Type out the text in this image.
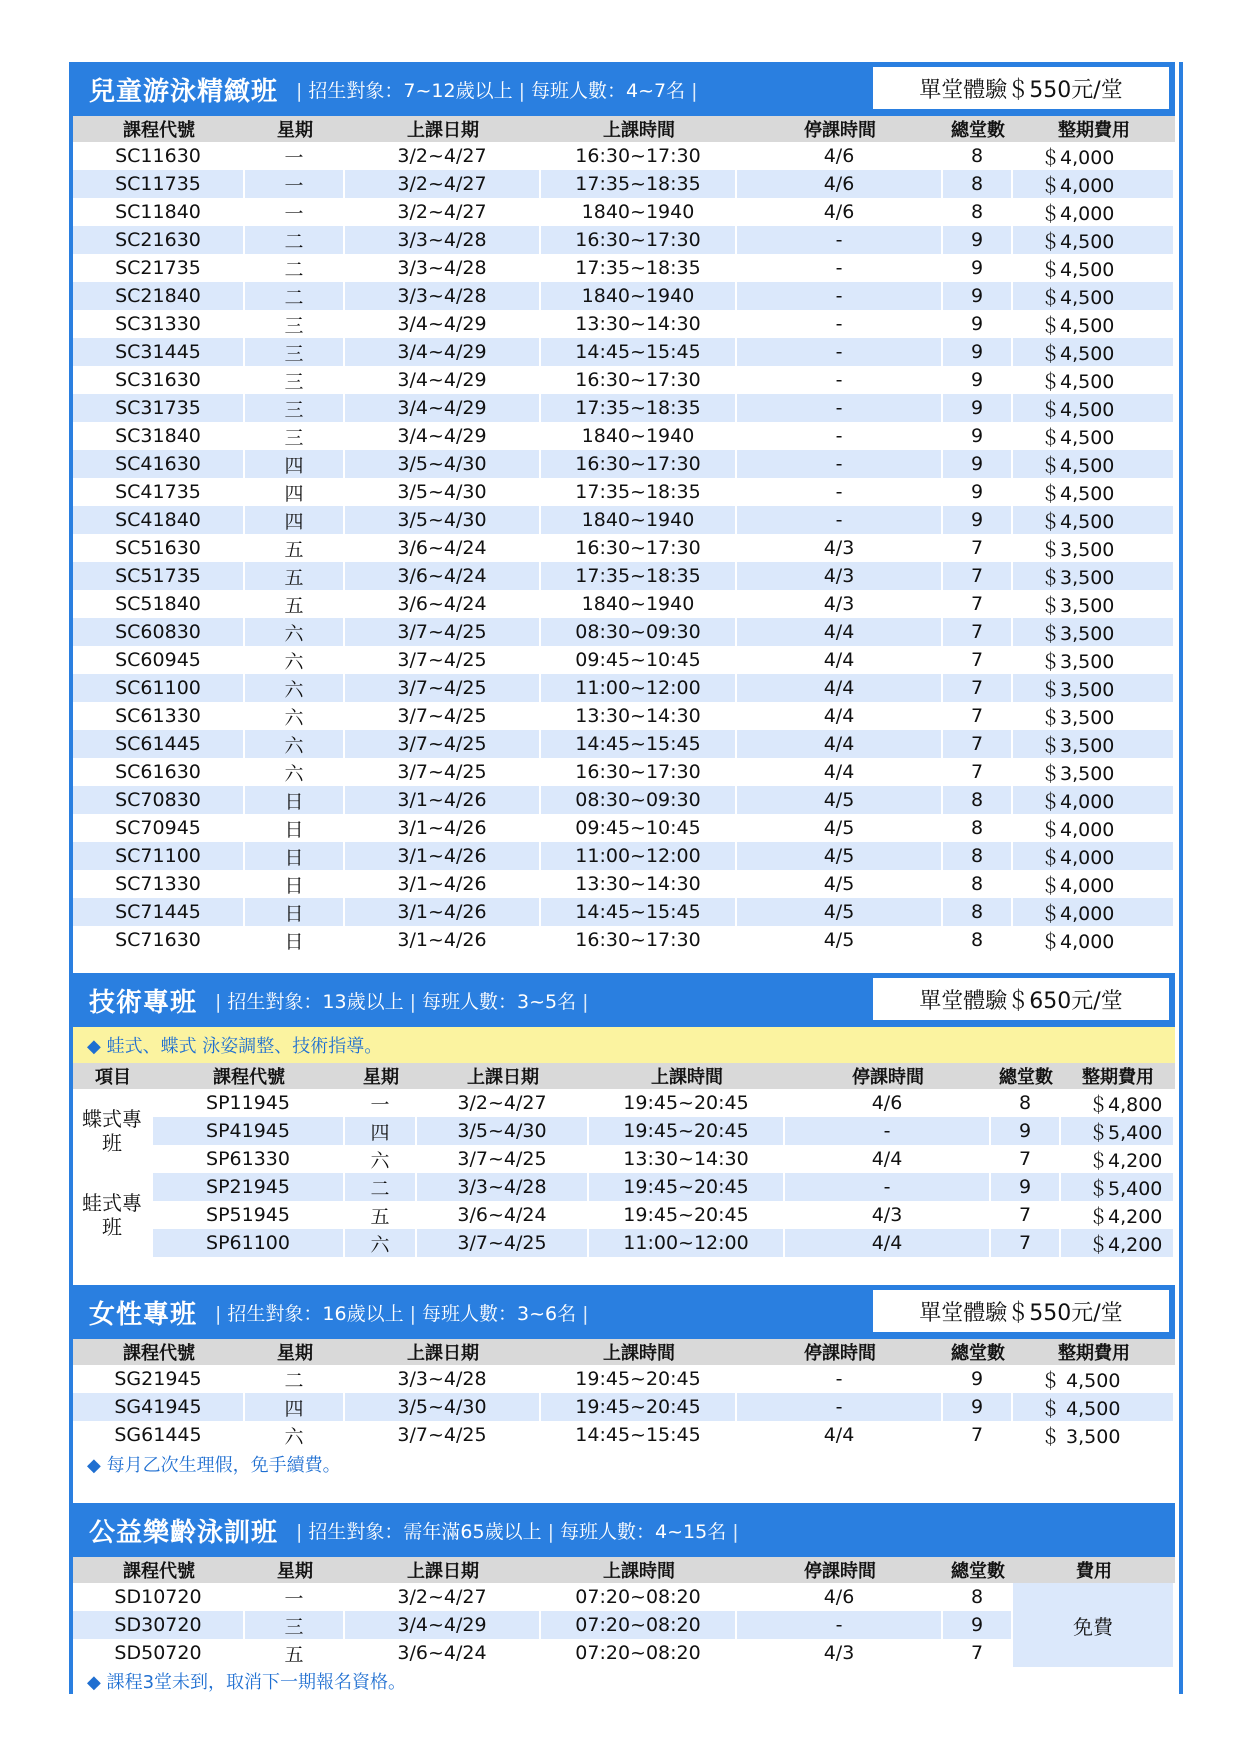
兒童游泳精緻班 | 招生對象：7~12歲以上 | 每班人數：4~7名 |	單堂體驗＄550元/堂
課程代號	星期	上課日期	上課時間	停課時間	總堂數	整期費用
SC11630	一	3/2~4/27	16:30~17:30	4/6	8	＄4,000
SC11735	一	3/2~4/27	17:35~18:35	4/6	8	＄4,000
SC11840	一	3/2~4/27	1840~1940	4/6	8	＄4,000
SC21630	二	3/3~4/28	16:30~17:30	-	9	＄4,500
SC21735	二	3/3~4/28	17:35~18:35	-	9	＄4,500
SC21840	二	3/3~4/28	1840~1940	-	9	＄4,500
SC31330	三	3/4~4/29	13:30~14:30	-	9	＄4,500
SC31445	三	3/4~4/29	14:45~15:45	-	9	＄4,500
SC31630	三	3/4~4/29	16:30~17:30	-	9	＄4,500
SC31735	三	3/4~4/29	17:35~18:35	-	9	＄4,500
SC31840	三	3/4~4/29	1840~1940	-	9	＄4,500
SC41630	四	3/5~4/30	16:30~17:30	-	9	＄4,500
SC41735	四	3/5~4/30	17:35~18:35	-	9	＄4,500
SC41840	四	3/5~4/30	1840~1940	-	9	＄4,500
SC51630	五	3/6~4/24	16:30~17:30	4/3	7	＄3,500
SC51735	五	3/6~4/24	17:35~18:35	4/3	7	＄3,500
SC51840	五	3/6~4/24	1840~1940	4/3	7	＄3,500
SC60830	六	3/7~4/25	08:30~09:30	4/4	7	＄3,500
SC60945	六	3/7~4/25	09:45~10:45	4/4	7	＄3,500
SC61100	六	3/7~4/25	11:00~12:00	4/4	7	＄3,500
SC61330	六	3/7~4/25	13:30~14:30	4/4	7	＄3,500
SC61445	六	3/7~4/25	14:45~15:45	4/4	7	＄3,500
SC61630	六	3/7~4/25	16:30~17:30	4/4	7	＄3,500
SC70830	日	3/1~4/26	08:30~09:30	4/5	8	＄4,000
SC70945	日	3/1~4/26	09:45~10:45	4/5	8	＄4,000
SC71100	日	3/1~4/26	11:00~12:00	4/5	8	＄4,000
SC71330	日	3/1~4/26	13:30~14:30	4/5	8	＄4,000
SC71445	日	3/1~4/26	14:45~15:45	4/5	8	＄4,000
SC71630	日	3/1~4/26	16:30~17:30	4/5	8	＄4,000
技術專班 | 招生對象：13歲以上 | 每班人數：3~5名 |	單堂體驗＄650元/堂
◆ 蛙式、蝶式 泳姿調整、技術指導。
項目	課程代號	星期	上課日期	上課時間	停課時間	總堂數	整期費用
蝶式專班	SP11945	一	3/2~4/27	19:45~20:45	4/6	8	＄4,800
	SP41945	四	3/5~4/30	19:45~20:45	-	9	＄5,400
	SP61330	六	3/7~4/25	13:30~14:30	4/4	7	＄4,200
蛙式專班	SP21945	二	3/3~4/28	19:45~20:45	-	9	＄5,400
	SP51945	五	3/6~4/24	19:45~20:45	4/3	7	＄4,200
	SP61100	六	3/7~4/25	11:00~12:00	4/4	7	＄4,200
女性專班 | 招生對象：16歲以上 | 每班人數：3~6名 |	單堂體驗＄550元/堂
課程代號	星期	上課日期	上課時間	停課時間	總堂數	整期費用
SG21945	二	3/3~4/28	19:45~20:45	-	9	＄ 4,500
SG41945	四	3/5~4/30	19:45~20:45	-	9	＄ 4,500
SG61445	六	3/7~4/25	14:45~15:45	4/4	7	＄ 3,500
◆ 每月乙次生理假，免手續費。
公益樂齡泳訓班 | 招生對象：需年滿65歲以上 | 每班人數：4~15名 |
課程代號	星期	上課日期	上課時間	停課時間	總堂數	費用
SD10720	一	3/2~4/27	07:20~08:20	4/6	8	免費
SD30720	三	3/4~4/29	07:20~08:20	-	9	
SD50720	五	3/6~4/24	07:20~08:20	4/3	7	
◆ 課程3堂未到，取消下一期報名資格。
